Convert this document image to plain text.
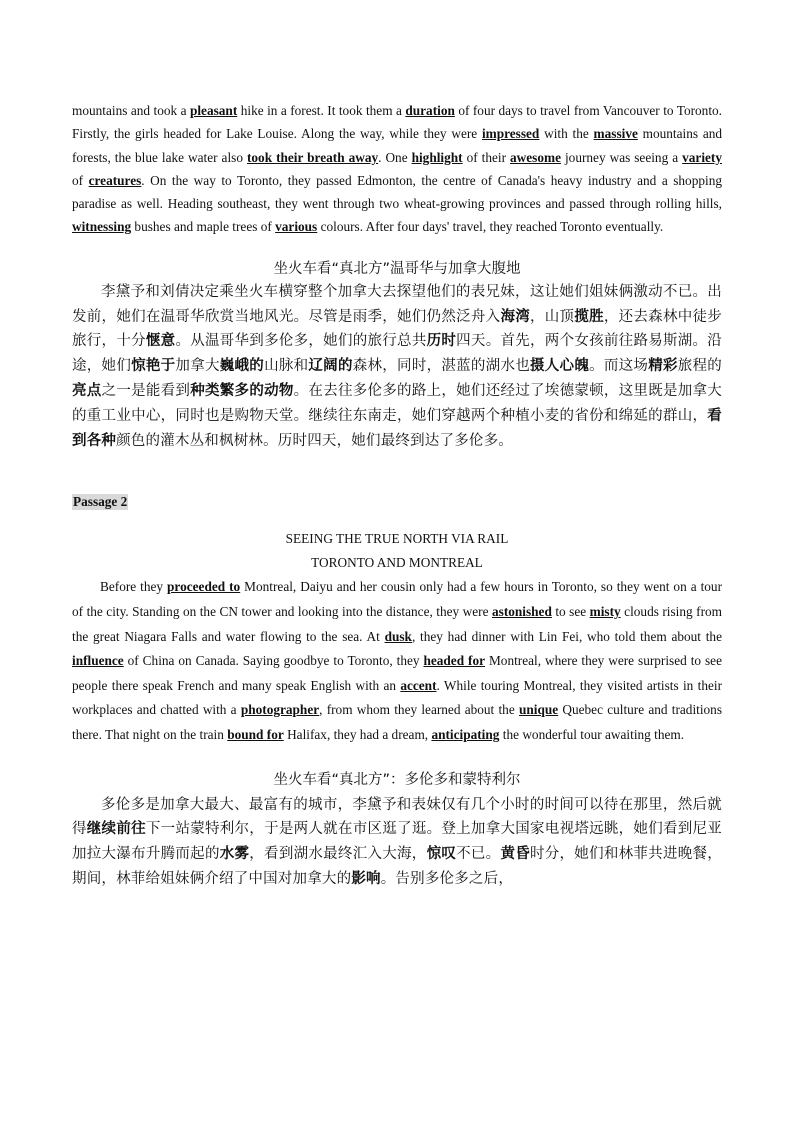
mountains and took a pleasant hike in a forest. It took them a duration of four days to travel from Vancouver to Toronto. Firstly, the girls headed for Lake Louise. Along the way, while they were impressed with the massive mountains and forests, the blue lake water also took their breath away. One highlight of their awesome journey was seeing a variety of creatures. On the way to Toronto, they passed Edmonton, the centre of Canada's heavy industry and a shopping paradise as well. Heading southeast, they went through two wheat-growing provinces and passed through rolling hills, witnessing bushes and maple trees of various colours. After four days' travel, they reached Toronto eventually.

坐火车看“真北方”温哥华与加拿大腹地

李黛予和刘倩决定乘坐火车横穿整个加拿大去探望他们的表兄妹，这让她们姐妹俩激动不已。出发前，她们在温哥华欣赏当地风光。尽管是雨季，她们仍然泛舟入海湾，山顶揽胜，还去森林中徒步旅行，十分惬意。从温哥华到多伦多，她们的旅行总共历时四天。首先，两个女孩前往路易斯湖。沿途，她们惊艳于加拿大巍峨的山脉和辽阔的森林，同时，湛蓝的湖水也摄人心魄。而这场精彩旅程的亮点之一是能看到种类繁多的动物。在去往多伦多的路上，她们还经过了埃德蒙顿，这里既是加拿大的重工业中心，同时也是购物天堂。继续往东南走，她们穿越两个种植小麦的省份和绵延的群山，看到各种颜色的灌木丛和枫树林。历时四天，她们最终到达了多伦多。

Passage 2

SEEING THE TRUE NORTH VIA RAIL

TORONTO AND MONTREAL

Before they proceeded to Montreal, Daiyu and her cousin only had a few hours in Toronto, so they went on a tour of the city. Standing on the CN tower and looking into the distance, they were astonished to see misty clouds rising from the great Niagara Falls and water flowing to the sea. At dusk, they had dinner with Lin Fei, who told them about the influence of China on Canada. Saying goodbye to Toronto, they headed for Montreal, where they were surprised to see people there speak French and many speak English with an accent. While touring Montreal, they visited artists in their workplaces and chatted with a photographer, from whom they learned about the unique Quebec culture and traditions there. That night on the train bound for Halifax, they had a dream, anticipating the wonderful tour awaiting them.

坐火车看“真北方”：多伦多和蒙特利尔

多伦多是加拿大最大、最富有的城市，李黛予和表妹仅有几个小时的时间可以待在那里，然后就得继续前往下一站蒙特利尔，于是两人就在市区逛了逛。登上加拿大国家电视塔远眺，她们看到尼亚加拉大瀑布升腾而起的水雾，看到湖水最终汇入大海，惊叹不已。黄昏时分，她们和林菲共进晚餐，期间，林菲给姐妹俩介绍了中国对加拿大的影响。告别多伦多之后，
